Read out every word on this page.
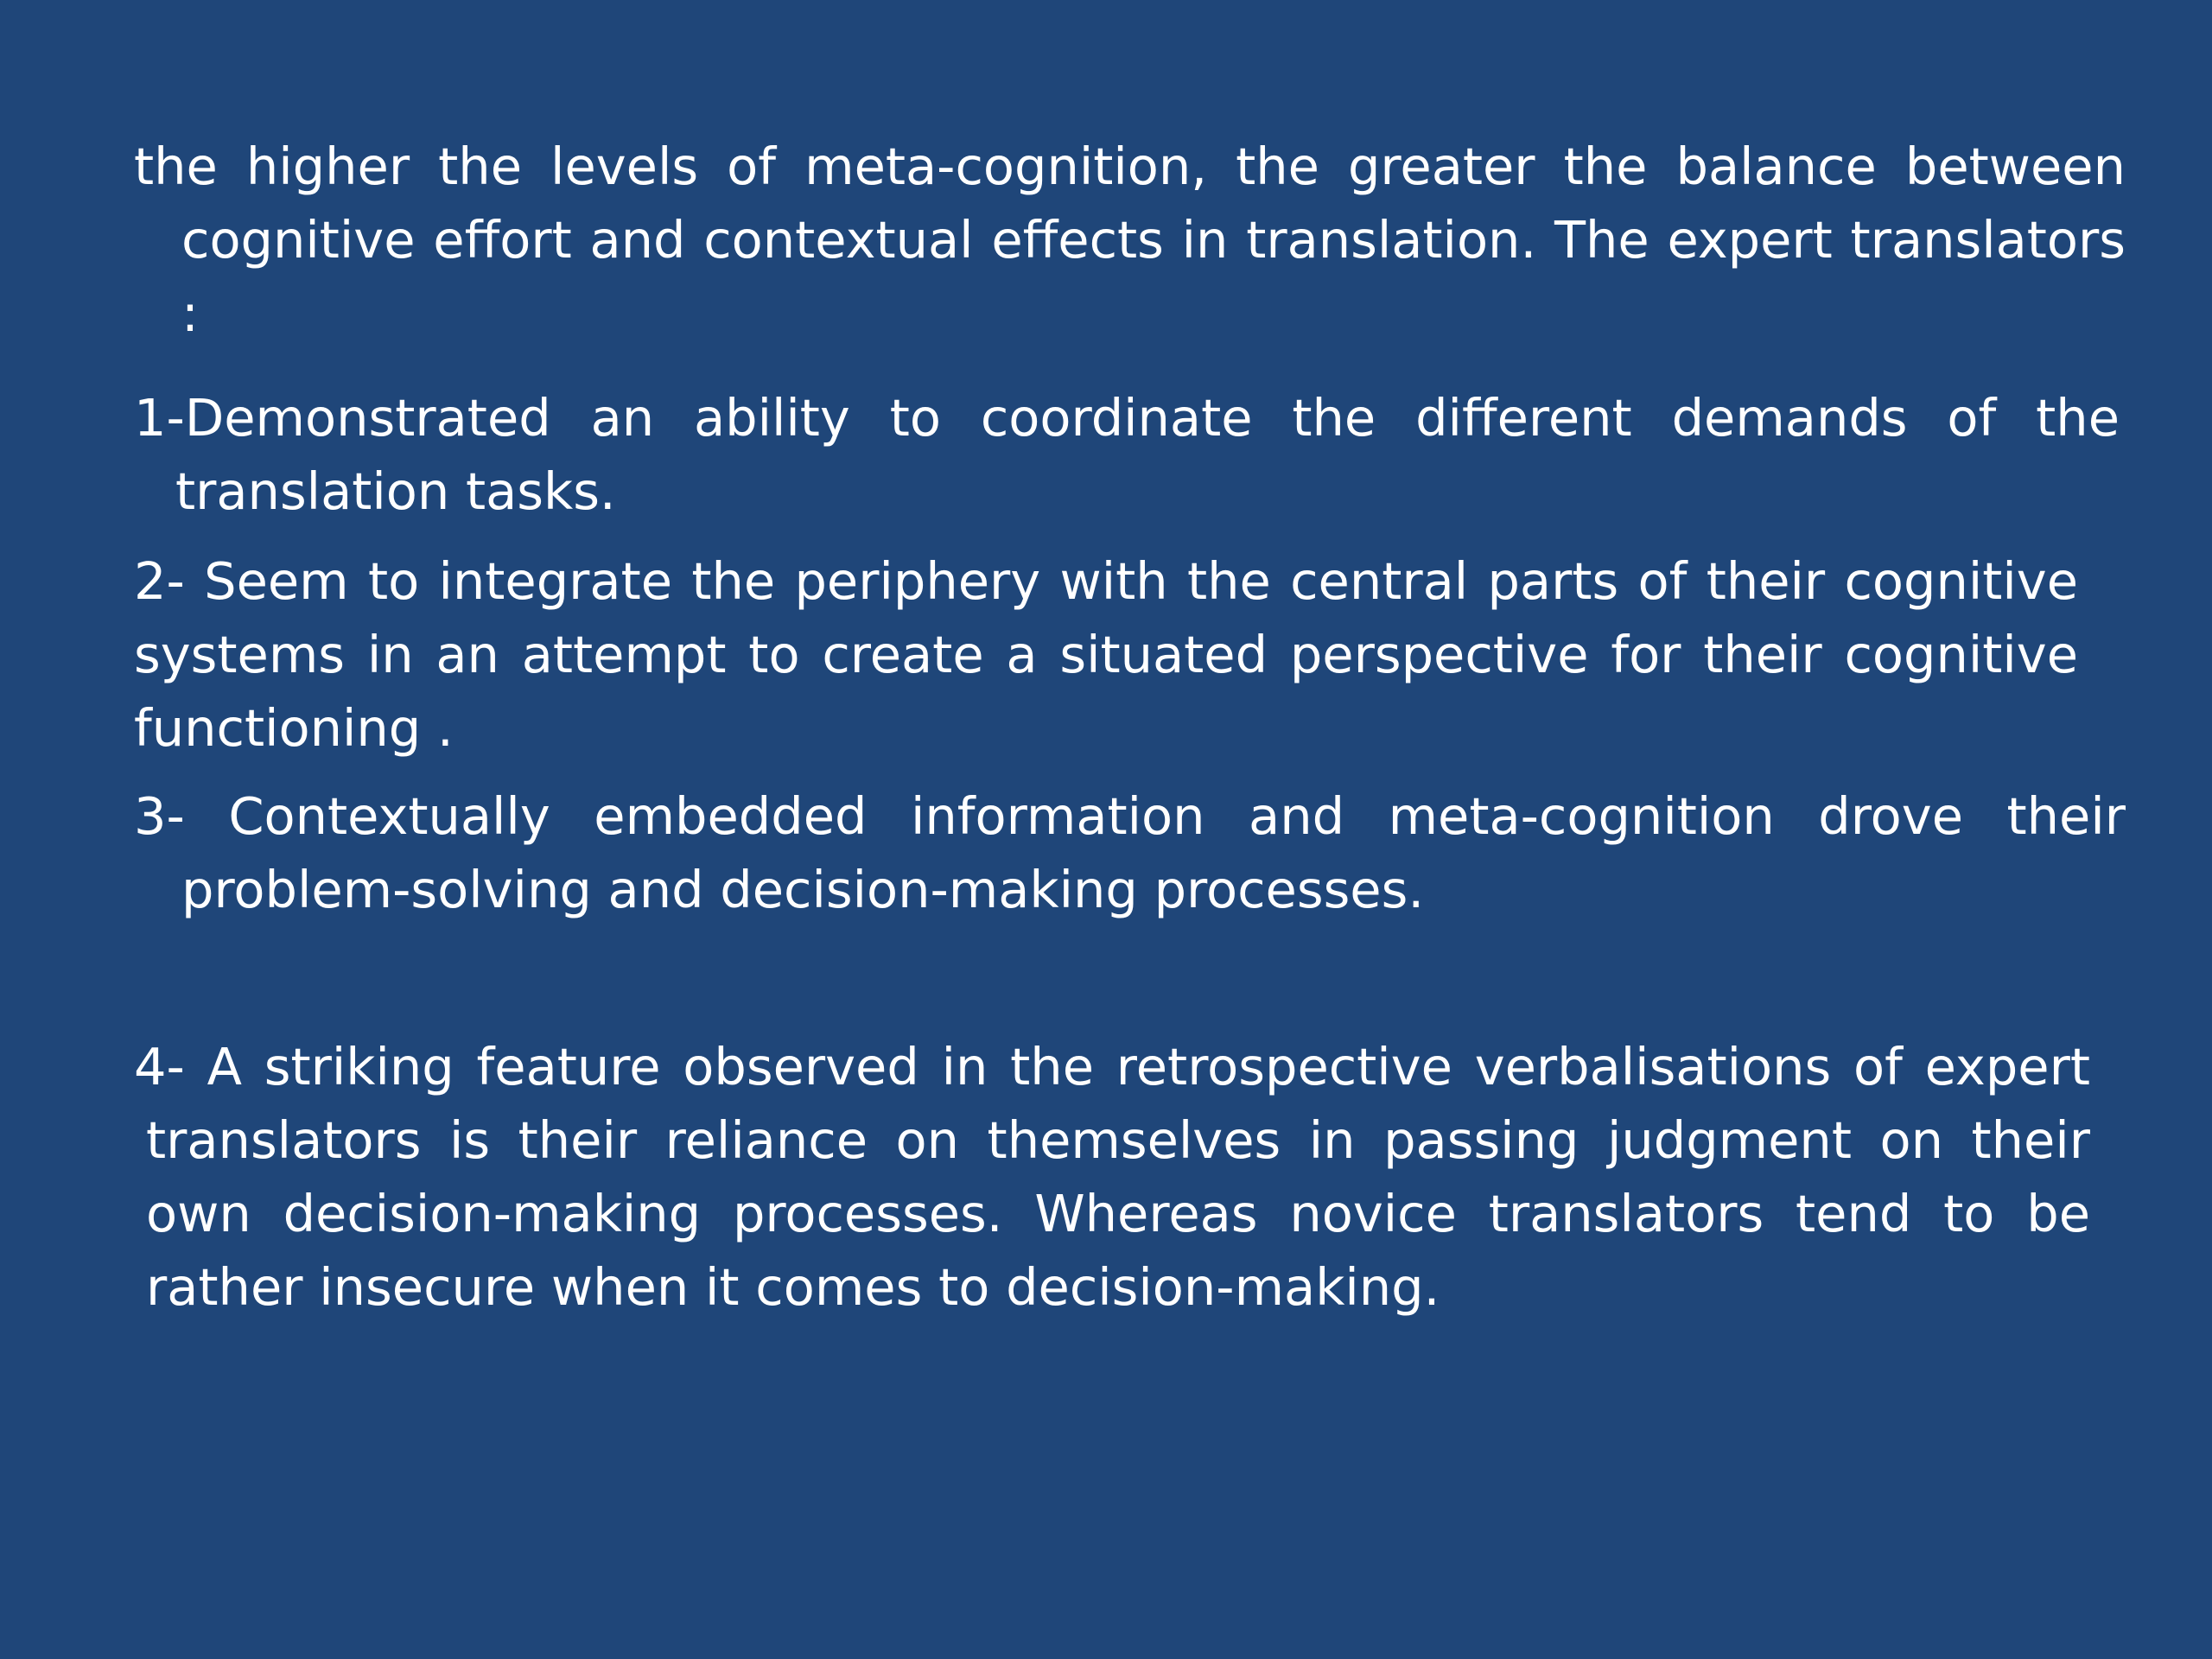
the higher the levels of meta-cognition, the greater the balance between cognitive effort and contextual effects in translation. The expert translators :

1-Demonstrated an ability to coordinate the different demands of the translation tasks.

2- Seem to integrate the periphery with the central parts of their cognitive systems in an attempt to create a situated perspective for their cognitive functioning .

3- Contextually embedded information and meta-cognition drove their problem-solving and decision-making processes.

4- A striking feature observed in the retrospective verbalisations of expert translators is their reliance on themselves in passing judgment on their own decision-making processes. Whereas novice translators tend to be rather insecure when it comes to decision-making.
